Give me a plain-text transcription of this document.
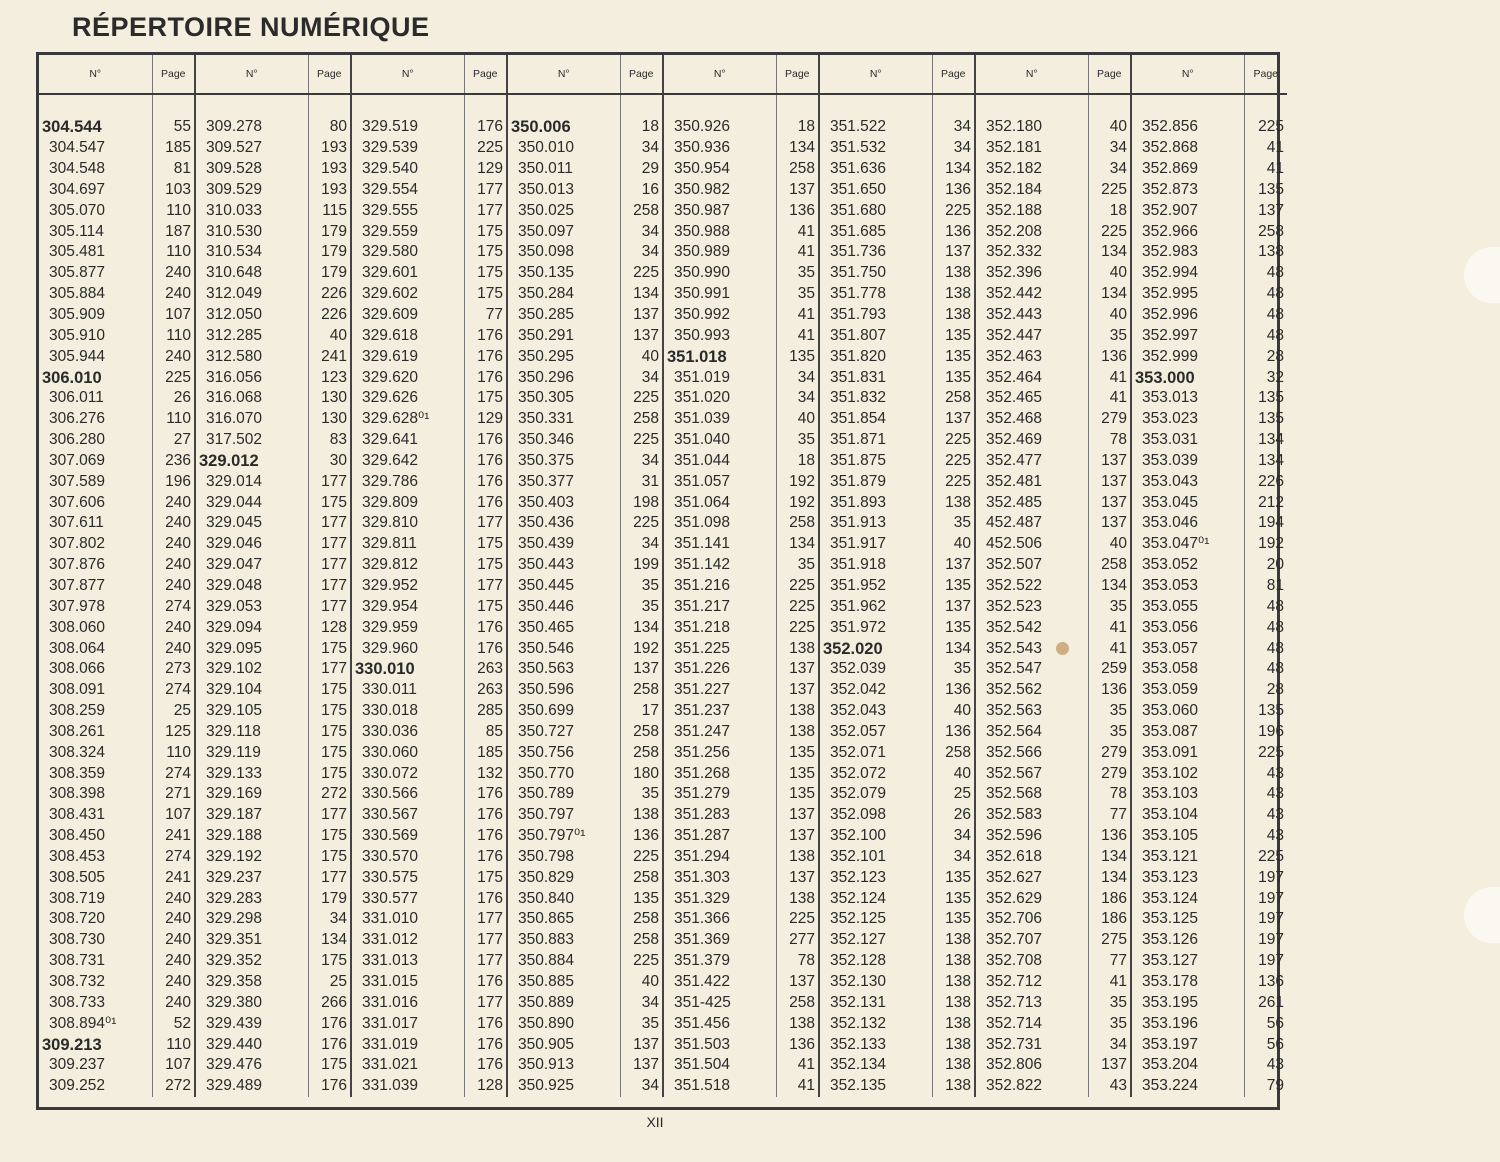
RÉPERTOIRE NUMÉRIQUE
N°	Page	N°	Page	N°	Page	N°	Page	N°	Page	N°	Page	N°	Page	N°	Page

304.544	55	309.278	80	329.519	176	350.006	18	350.926	18	351.522	34	352.180	40	352.856	225
304.547	185	309.527	193	329.539	225	350.010	34	350.936	134	351.532	34	352.181	34	352.868	41
304.548	81	309.528	193	329.540	129	350.011	29	350.954	258	351.636	134	352.182	34	352.869	41
304.697	103	309.529	193	329.554	177	350.013	16	350.982	137	351.650	136	352.184	225	352.873	135
305.070	110	310.033	115	329.555	177	350.025	258	350.987	136	351.680	225	352.188	18	352.907	137
305.114	187	310.530	179	329.559	175	350.097	34	350.988	41	351.685	136	352.208	225	352.966	258
305.481	110	310.534	179	329.580	175	350.098	34	350.989	41	351.736	137	352.332	134	352.983	138
305.877	240	310.648	179	329.601	175	350.135	225	350.990	35	351.750	138	352.396	40	352.994	48
305.884	240	312.049	226	329.602	175	350.284	134	350.991	35	351.778	138	352.442	134	352.995	48
305.909	107	312.050	226	329.609	77	350.285	137	350.992	41	351.793	138	352.443	40	352.996	48
305.910	110	312.285	40	329.618	176	350.291	137	350.993	41	351.807	135	352.447	35	352.997	48
305.944	240	312.580	241	329.619	176	350.295	40	351.018	135	351.820	135	352.463	136	352.999	28
306.010	225	316.056	123	329.620	176	350.296	34	351.019	34	351.831	135	352.464	41	353.000	32
306.011	26	316.068	130	329.626	175	350.305	225	351.020	34	351.832	258	352.465	41	353.013	135
306.276	110	316.070	130	329.628⁰¹	129	350.331	258	351.039	40	351.854	137	352.468	279	353.023	135
306.280	27	317.502	83	329.641	176	350.346	225	351.040	35	351.871	225	352.469	78	353.031	134
307.069	236	329.012	30	329.642	176	350.375	34	351.044	18	351.875	225	352.477	137	353.039	134
307.589	196	329.014	177	329.786	176	350.377	31	351.057	192	351.879	225	352.481	137	353.043	226
307.606	240	329.044	175	329.809	176	350.403	198	351.064	192	351.893	138	352.485	137	353.045	212
307.611	240	329.045	177	329.810	177	350.436	225	351.098	258	351.913	35	452.487	137	353.046	194
307.802	240	329.046	177	329.811	175	350.439	34	351.141	134	351.917	40	452.506	40	353.047⁰¹	192
307.876	240	329.047	177	329.812	175	350.443	199	351.142	35	351.918	137	352.507	258	353.052	20
307.877	240	329.048	177	329.952	177	350.445	35	351.216	225	351.952	135	352.522	134	353.053	81
307.978	274	329.053	177	329.954	175	350.446	35	351.217	225	351.962	137	352.523	35	353.055	48
308.060	240	329.094	128	329.959	176	350.465	134	351.218	225	351.972	135	352.542	41	353.056	48
308.064	240	329.095	175	329.960	176	350.546	192	351.225	138	352.020	134	352.543	41	353.057	48
308.066	273	329.102	177	330.010	263	350.563	137	351.226	137	352.039	35	352.547	259	353.058	48
308.091	274	329.104	175	330.011	263	350.596	258	351.227	137	352.042	136	352.562	136	353.059	28
308.259	25	329.105	175	330.018	285	350.699	17	351.237	138	352.043	40	352.563	35	353.060	135
308.261	125	329.118	175	330.036	85	350.727	258	351.247	138	352.057	136	352.564	35	353.087	196
308.324	110	329.119	175	330.060	185	350.756	258	351.256	135	352.071	258	352.566	279	353.091	225
308.359	274	329.133	175	330.072	132	350.770	180	351.268	135	352.072	40	352.567	279	353.102	43
308.398	271	329.169	272	330.566	176	350.789	35	351.279	135	352.079	25	352.568	78	353.103	43
308.431	107	329.187	177	330.567	176	350.797	138	351.283	137	352.098	26	352.583	77	353.104	43
308.450	241	329.188	175	330.569	176	350.797⁰¹	136	351.287	137	352.100	34	352.596	136	353.105	43
308.453	274	329.192	175	330.570	176	350.798	225	351.294	138	352.101	34	352.618	134	353.121	225
308.505	241	329.237	177	330.575	175	350.829	258	351.303	137	352.123	135	352.627	134	353.123	197
308.719	240	329.283	179	330.577	176	350.840	135	351.329	138	352.124	135	352.629	186	353.124	197
308.720	240	329.298	34	331.010	177	350.865	258	351.366	225	352.125	135	352.706	186	353.125	197
308.730	240	329.351	134	331.012	177	350.883	258	351.369	277	352.127	138	352.707	275	353.126	197
308.731	240	329.352	175	331.013	177	350.884	225	351.379	78	352.128	138	352.708	77	353.127	197
308.732	240	329.358	25	331.015	176	350.885	40	351.422	137	352.130	138	352.712	41	353.178	136
308.733	240	329.380	266	331.016	177	350.889	34	351-425	258	352.131	138	352.713	35	353.195	261
308.894⁰¹	52	329.439	176	331.017	176	350.890	35	351.456	138	352.132	138	352.714	35	353.196	56
309.213	110	329.440	176	331.019	176	350.905	137	351.503	136	352.133	138	352.731	34	353.197	56
309.237	107	329.476	175	331.021	176	350.913	137	351.504	41	352.134	138	352.806	137	353.204	43
309.252	272	329.489	176	331.039	128	350.925	34	351.518	41	352.135	138	352.822	43	353.224	79
XII
